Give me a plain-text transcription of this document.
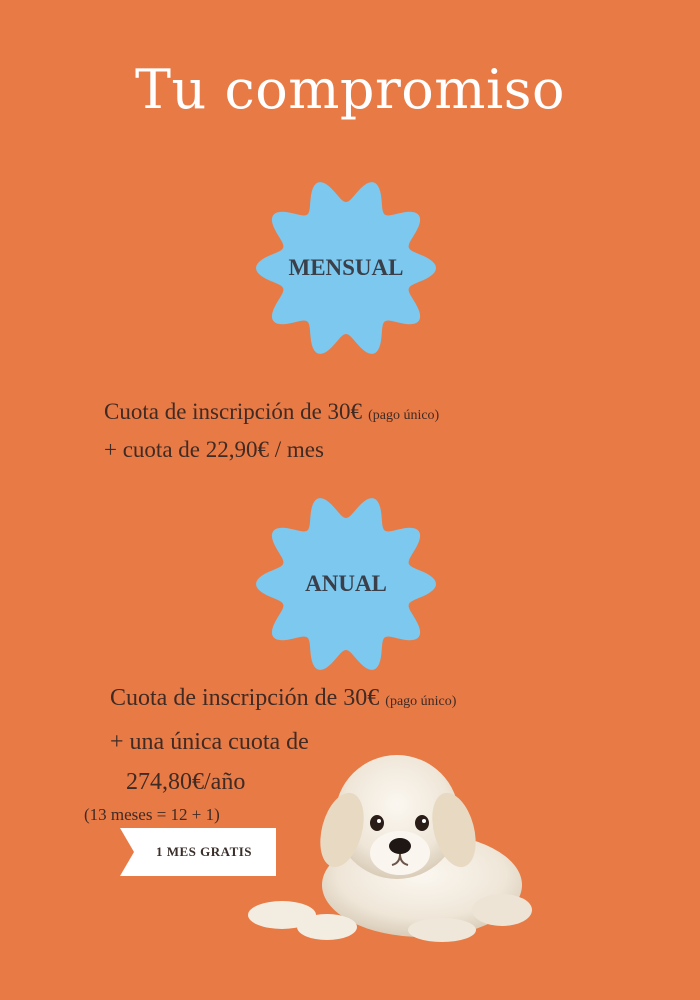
Tu compromiso
MENSUAL
Cuota de inscripción de 30€ (pago único)
+ cuota de 22,90€ / mes
ANUAL
Cuota de inscripción de 30€ (pago único)
+ una única cuota de
274,80€/año
(13 meses = 12 + 1)
1 MES GRATIS
